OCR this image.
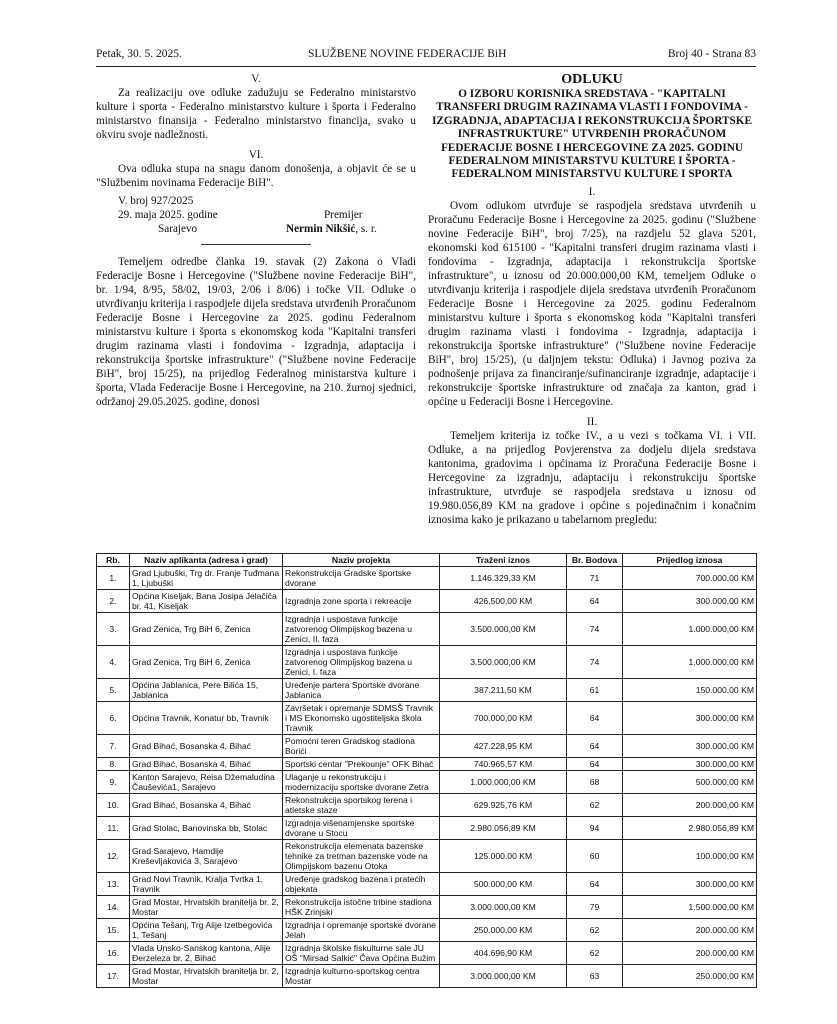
Petak, 30. 5. 2025.	SLUŽBENE NOVINE FEDERACIJE BiH	Broj 40 - Strana 83

V.

Za realizaciju ove odluke zadužuju se Federalno ministarstvo kulture i sporta - Federalno ministarstvo kulture i športa i Federalno ministarstvo finansija - Federalno ministarstvo financija, svako u okviru svoje nadležnosti.

VI.

Ova odluka stupa na snagu danom donošenja, a objavit će se u "Službenim novinama Federacije BiH".

V. broj 927/2025
29. maja 2025. godine
Sarajevo
Premijer
Nermin Nikšić, s. r.

Temeljem odredbe članka 19. stavak (2) Zakona o Vladi Federacije Bosne i Hercegovine ("Službene novine Federacije BiH", br. 1/94, 8/95, 58/02, 19/03, 2/06 i 8/06) i točke VII. Odluke o utvrđivanju kriterija i raspodjele dijela sredstava utvrđenih Proračunom Federacije Bosne i Hercegovine za 2025. godinu Federalnom ministarstvu kulture i športa s ekonomskog koda "Kapitalni transferi drugim razinama vlasti i fondovima - Izgradnja, adaptacija i rekonstrukcija športske infrastrukture" ("Službene novine Federacije BiH", broj 15/25), na prijedlog Federalnog ministarstva kulture i športa, Vlada Federacije Bosne i Hercegovine, na 210. žurnoj sjednici, održanoj 29.05.2025. godine, donosi

ODLUKU

O IZBORU KORISNIKA SREDSTAVA - "KAPITALNI TRANSFERI DRUGIM RAZINAMA VLASTI I FONDOVIMA - IZGRADNJA, ADAPTACIJA I REKONSTRUKCIJA ŠPORTSKE INFRASTRUKTURE" UTVRĐENIH PRORAČUNOM FEDERACIJE BOSNE I HERCEGOVINE ZA 2025. GODINU FEDERALNOM MINISTARSTVU KULTURE I ŠPORTA - FEDERALNOM MINISTARSTVU KULTURE I SPORTA

I.

Ovom odlukom utvrđuje se raspodjela sredstava utvrđenih u Proračunu Federacije Bosne i Hercegovine za 2025. godinu ("Službene novine Federacije BiH", broj 7/25), na razdjelu 52 glava 5201, ekonomski kod 615100 - "Kapitalni transferi drugim razinama vlasti i fondovima - Izgradnja, adaptacija i rekonstrukcija športske infrastrukture", u iznosu od 20.000.000,00 KM, temeljem Odluke o utvrđivanju kriterija i raspodjele dijela sredstava utvrđenih Proračunom Federacije Bosne i Hercegovine za 2025. godinu Federalnom ministarstvu kulture i športa s ekonomskog koda "Kapitalni transferi drugim razinama vlasti i fondovima - Izgradnja, adaptacija i rekonstrukcija športske infrastrukture" ("Službene novine Federacije BiH", broj 15/25), (u daljnjem tekstu: Odluka) i Javnog poziva za podnošenje prijava za financiranje/sufinanciranje izgradnje, adaptacije i rekonstrukcije športske infrastrukture od značaja za kanton, grad i općine u Federaciji Bosne i Hercegovine.

II.

Temeljem kriterija iz točke IV., a u vezi s točkama VI. i VII. Odluke, a na prijedlog Povjerenstva za dodjelu dijela sredstava kantonima, gradovima i općinama iz Proračuna Federacije Bosne i Hercegovine za izgradnju, adaptaciju i rekonstrukciju športske infrastrukture, utvrđuje se raspodjela sredstava u iznosu od 19.980.056,89 KM na gradove i općine s pojedinačnim i konačnim iznosima kako je prikazano u tabelarnom pregledu:

Rb.	Naziv aplikanta (adresa i grad)	Naziv projekta	Traženi iznos	Br. Bodova	Prijedlog iznosa
1.	Grad Ljubuški, Trg dr. Franje Tuđmana 1, Ljubuški	Rekonstrukcija Gradske športske dvorane	1.146.329,33 KM	71	700.000,00 KM
2.	Općina Kiseljak, Bana Josipa Jelačića br. 41, Kiseljak	Izgradnja zone sporta i rekreacije	426.500,00 KM	64	300.000,00 KM
3.	Grad Zenica, Trg BiH 6, Zenica	Izgradnja i uspostava funkcije zatvorenog Olimpijskog bazena u Zenici, II. faza	3.500.000,00 KM	74	1.000.000,00 KM
4.	Grad Zenica, Trg BiH 6, Zenica	Izgradnja i uspostava funkcije zatvorenog Olimpijskog bazena u Zenici, I. faza	3.500.000,00 KM	74	1.000.000,00 KM
5.	Općina Jablanica, Pere Bilića 15, Jablanica	Uređenje partera Sportske dvorane Jablanica	387.211,50 KM	61	150.000,00 KM
6.	Općina Travnik, Konatur bb, Travnik	Završetak i opremanje SDMSŠ Travnik i MS Ekonomsko ugostiteljska škola Travnik	700.000,00 KM	64	300.000,00 KM
7.	Grad Bihać, Bosanska 4, Bihać	Pomoćni teren Gradskog stadiona Borići	427.228,95 KM	64	300.000,00 KM
8.	Grad Bihać, Bosanska 4, Bihać	Sportski centar "Prekounje" OFK Bihać	740.965,57 KM	64	300.000,00 KM
9.	Kanton Sarajevo, Reisa Džemaludina Čauševića1, Sarajevo	Ulaganje u rekonstrukciju i modernizaciju sportske dvorane Zetra	1.000.000,00 KM	68	500.000,00 KM
10.	Grad Bihać, Bosanska 4, Bihać	Rekonstrukcija sportskog terena i atletske staze	629.925,76 KM	62	200.000,00 KM
11.	Grad Stolac, Banovinska bb, Stolac	Izgradnja višenamjenske sportske dvorane u Stocu	2.980.056,89 KM	94	2.980.056,89 KM
12.	Grad Sarajevo, Hamdije Kreševljakovića 3, Sarajevo	Rekonstrukcija elemenata bazenske tehnike za tretman bazenske vode na Olimpijskom bazenu Otoka	125.000,00 KM	60	100.000,00 KM
13.	Grad Novi Travnik, Kralja Tvrtka 1, Travnik	Uređenje gradskog bazena i pratećih objekata	500.000,00 KM	64	300.000,00 KM
14.	Grad Mostar, Hrvatskih branitelja br. 2, Mostar	Rekonstrukcija istočne tribine stadiona HŠK Zrinjski	3.000.000,00 KM	79	1.500.000,00 KM
15.	Općina Tešanj, Trg Alije Izetbegovića 1, Tešanj	Izgradnja i opremanje sportske dvorane Jelah	250.000,00 KM	62	200.000,00 KM
16.	Vlada Unsko-Sanskog kantona, Alije Đerzeleza br. 2, Bihać	Izgradnja školske fiskulturne sale JU OŠ "Mirsad Salkić" Čava Općina Bužim	404.696,90 KM	62	200.000,00 KM
17.	Grad Mostar, Hrvatskih branitelja br. 2, Mostar	Izgradnja kulturno-sportskog centra Mostar	3.000.000,00 KM	63	250.000,00 KM
